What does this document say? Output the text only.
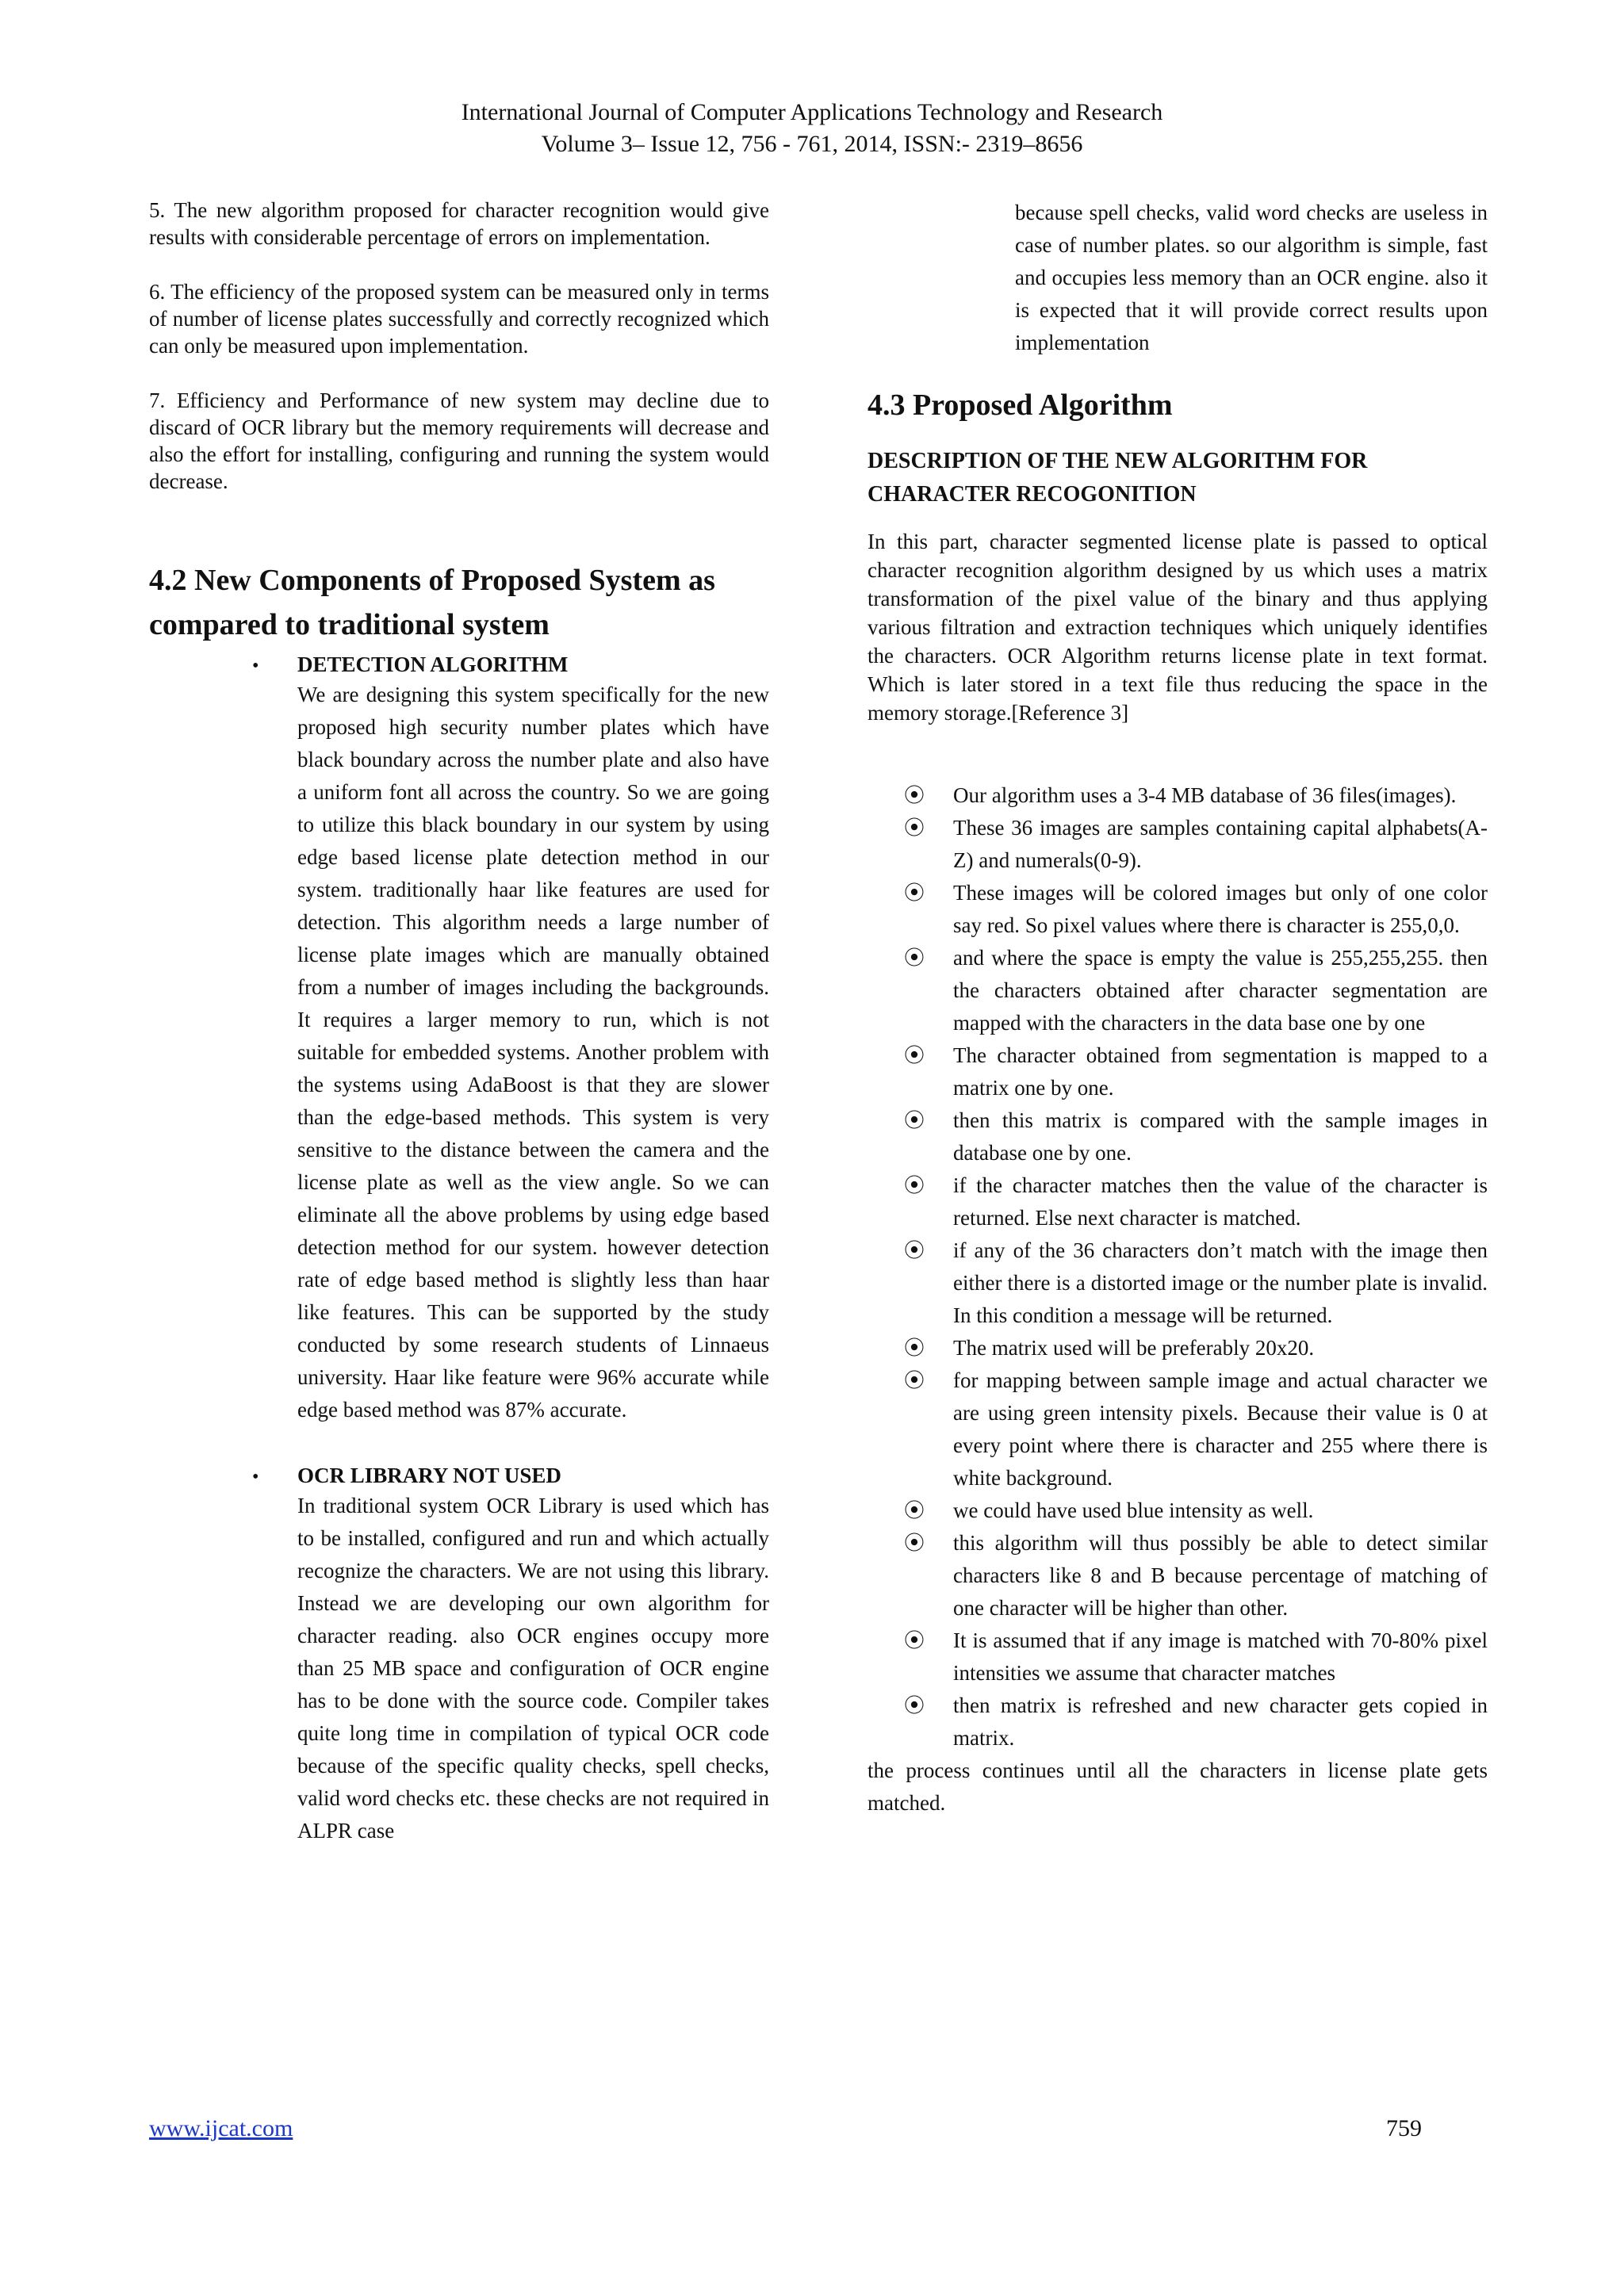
International Journal of Computer Applications Technology and Research
Volume 3– Issue 12, 756 - 761, 2014, ISSN:- 2319–8656

5. The new algorithm proposed for character recognition would give results with considerable percentage of errors on implementation.

6. The efficiency of the proposed system can be measured only in terms of number of license plates successfully and correctly recognized which can only be measured upon implementation.

7. Efficiency and Performance of new system may decline due to discard of OCR library but the memory requirements will decrease and also the effort for installing, configuring and running the system would decrease.

4.2 New Components of Proposed System as compared to traditional system
• DETECTION ALGORITHM
We are designing this system specifically for the new proposed high security number plates which have black boundary across the number plate and also have a uniform font all across the country. So we are going to utilize this black boundary in our system by using edge based license plate detection method in our system. traditionally haar like features are used for detection. This algorithm needs a large number of license plate images which are manually obtained from a number of images including the backgrounds. It requires a larger memory to run, which is not suitable for embedded systems. Another problem with the systems using AdaBoost is that they are slower than the edge-based methods. This system is very sensitive to the distance between the camera and the license plate as well as the view angle. So we can eliminate all the above problems by using edge based detection method for our system. however detection rate of edge based method is slightly less than haar like features. This can be supported by the study conducted by some research students of Linnaeus university. Haar like feature were 96% accurate while edge based method was 87% accurate.
• OCR LIBRARY NOT USED
In traditional system OCR Library is used which has to be installed, configured and run and which actually recognize the characters. We are not using this library. Instead we are developing our own algorithm for character reading. also OCR engines occupy more than 25 MB space and configuration of OCR engine has to be done with the source code. Compiler takes quite long time in compilation of typical OCR code because of the specific quality checks, spell checks, valid word checks etc. these checks are not required in ALPR case
because spell checks, valid word checks are useless in case of number plates. so our algorithm is simple, fast and occupies less memory than an OCR engine. also it is expected that it will provide correct results upon implementation
4.3 Proposed Algorithm
DESCRIPTION OF THE NEW ALGORITHM FOR CHARACTER RECOGONITION

In this part, character segmented license plate is passed to optical character recognition algorithm designed by us which uses a matrix transformation of the pixel value of the binary and thus applying various filtration and extraction techniques which uniquely identifies the characters. OCR Algorithm returns license plate in text format. Which is later stored in a text file thus reducing the space in the memory storage.[Reference 3]

⦿ Our algorithm uses a 3-4 MB database of 36 files(images).
⦿ These 36 images are samples containing capital alphabets(A-Z) and numerals(0-9).
⦿ These images will be colored images but only of one color say red. So pixel values where there is character is 255,0,0.
⦿ and where the space is empty the value is 255,255,255. then the characters obtained after character segmentation are mapped with the characters in the data base one by one
⦿ The character obtained from segmentation is mapped to a matrix one by one.
⦿ then this matrix is compared with the sample images in database one by one.
⦿ if the character matches then the value of the character is returned. Else next character is matched.
⦿ if any of the 36 characters don’t match with the image then either there is a distorted image or the number plate is invalid. In this condition a message will be returned.
⦿ The matrix used will be preferably 20x20.
⦿ for mapping between sample image and actual character we are using green intensity pixels. Because their value is 0 at every point where there is character and 255 where there is white background.
⦿ we could have used blue intensity as well.
⦿ this algorithm will thus possibly be able to detect similar characters like 8 and B because percentage of matching of one character will be higher than other.
⦿ It is assumed that if any image is matched with 70-80% pixel intensities we assume that character matches
⦿ then matrix is refreshed and new character gets copied in matrix.

the process continues until all the characters in license plate gets matched.

www.ijcat.com	759
